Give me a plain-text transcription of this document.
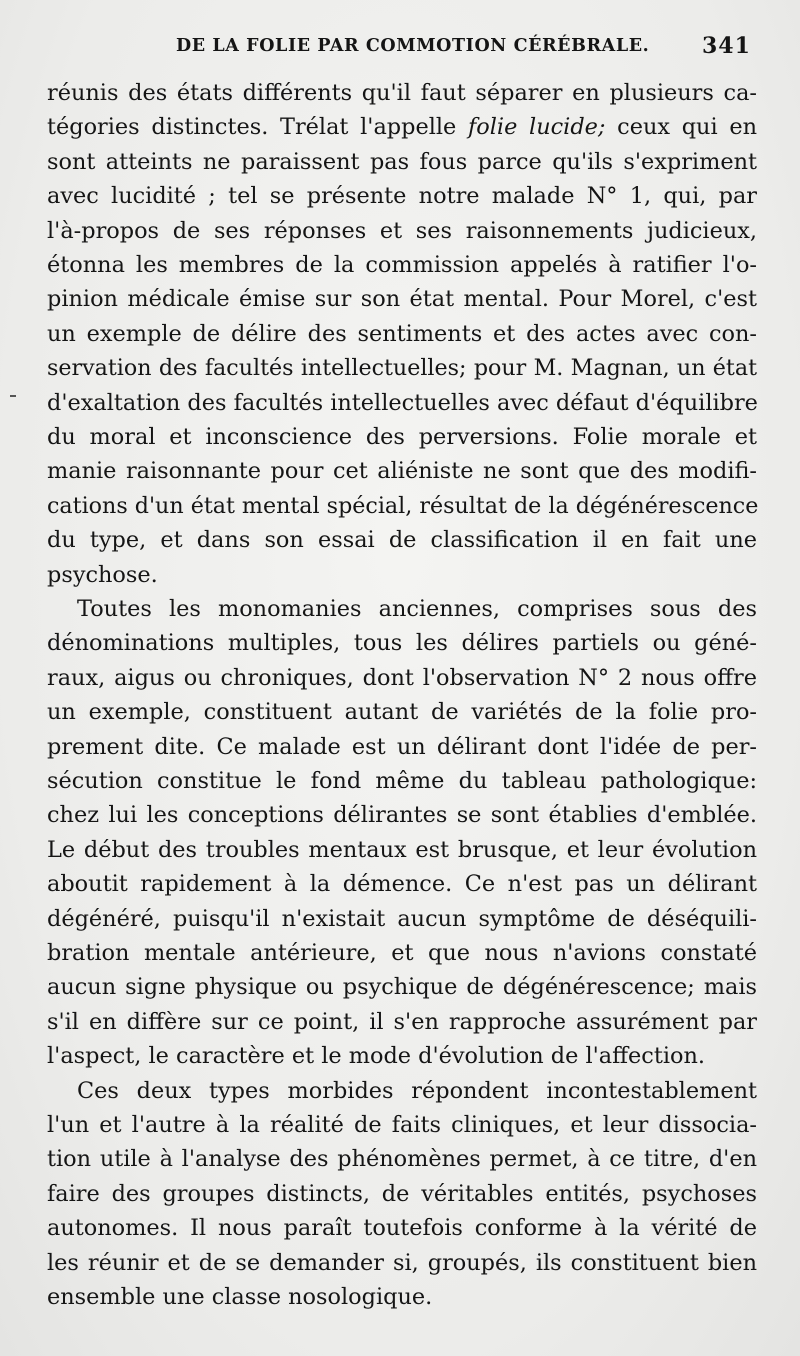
DE LA FOLIE PAR COMMOTION CÉRÉBRALE. 341
réunis des états différents qu'il faut séparer en plusieurs ca-
tégories distinctes. Trélat l'appelle folie lucide; ceux qui en
sont atteints ne paraissent pas fous parce qu'ils s'expriment
avec lucidité ; tel se présente notre malade N° 1, qui, par
l'à-propos de ses réponses et ses raisonnements judicieux,
étonna les membres de la commission appelés à ratifier l'o-
pinion médicale émise sur son état mental. Pour Morel, c'est
un exemple de délire des sentiments et des actes avec con-
servation des facultés intellectuelles; pour M. Magnan, un état
d'exaltation des facultés intellectuelles avec défaut d'équilibre
du moral et inconscience des perversions. Folie morale et
manie raisonnante pour cet aliéniste ne sont que des modifi-
cations d'un état mental spécial, résultat de la dégénérescence
du type, et dans son essai de classification il en fait une
psychose.
Toutes les monomanies anciennes, comprises sous des
dénominations multiples, tous les délires partiels ou géné-
raux, aigus ou chroniques, dont l'observation N° 2 nous offre
un exemple, constituent autant de variétés de la folie pro-
prement dite. Ce malade est un délirant dont l'idée de per-
sécution constitue le fond même du tableau pathologique:
chez lui les conceptions délirantes se sont établies d'emblée.
Le début des troubles mentaux est brusque, et leur évolution
aboutit rapidement à la démence. Ce n'est pas un délirant
dégénéré, puisqu'il n'existait aucun symptôme de déséquili-
bration mentale antérieure, et que nous n'avions constaté
aucun signe physique ou psychique de dégénérescence; mais
s'il en diffère sur ce point, il s'en rapproche assurément par
l'aspect, le caractère et le mode d'évolution de l'affection.
Ces deux types morbides répondent incontestablement
l'un et l'autre à la réalité de faits cliniques, et leur dissocia-
tion utile à l'analyse des phénomènes permet, à ce titre, d'en
faire des groupes distincts, de véritables entités, psychoses
autonomes. Il nous paraît toutefois conforme à la vérité de
les réunir et de se demander si, groupés, ils constituent bien
ensemble une classe nosologique.
